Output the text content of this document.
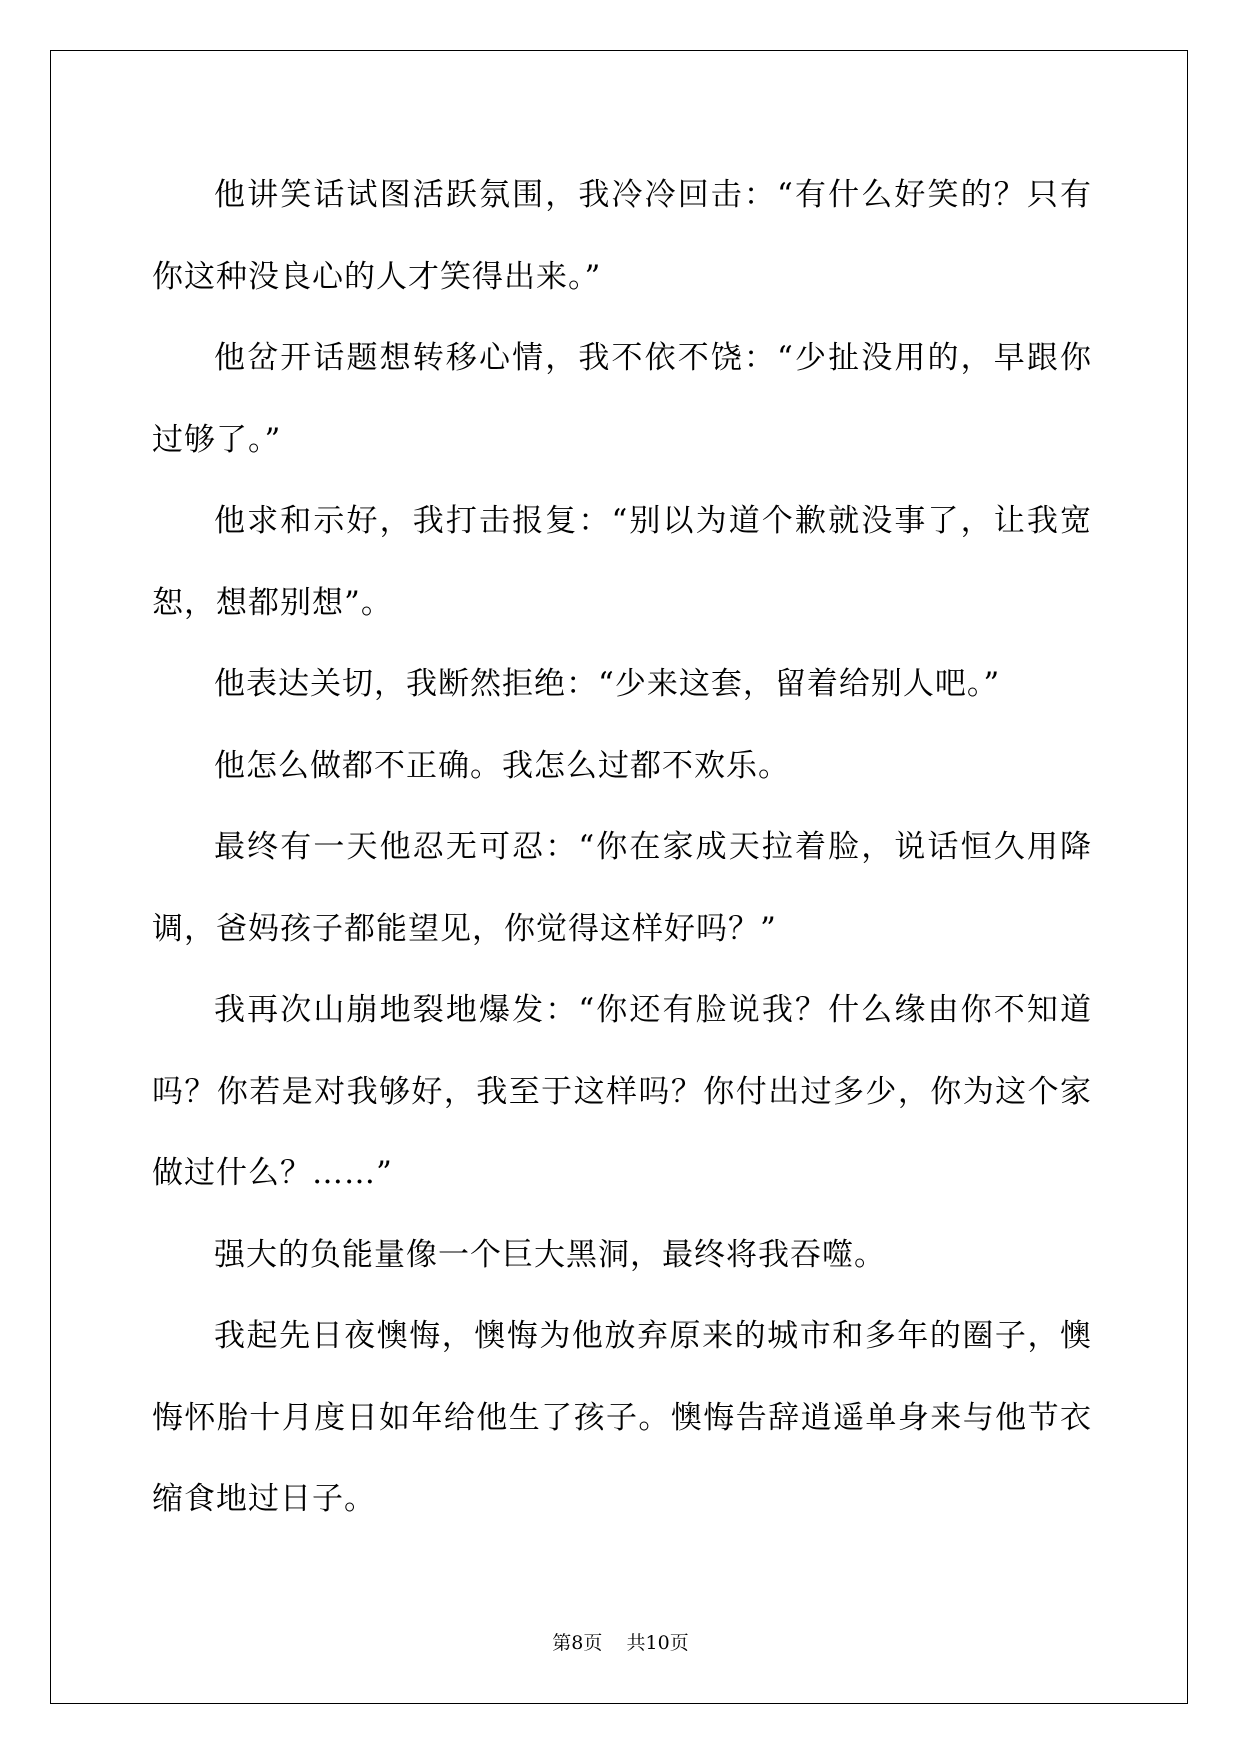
他讲笑话试图活跃氛围，我冷冷回击：“有什么好笑的？只有你这种没良心的人才笑得出来。”

他岔开话题想转移心情，我不依不饶：“少扯没用的，早跟你过够了。”

他求和示好，我打击报复：“别以为道个歉就没事了，让我宽恕，想都别想”。

他表达关切，我断然拒绝：“少来这套，留着给别人吧。”

他怎么做都不正确。我怎么过都不欢乐。

最终有一天他忍无可忍：“你在家成天拉着脸，说话恒久用降调，爸妈孩子都能望见，你觉得这样好吗？”

我再次山崩地裂地爆发：“你还有脸说我？什么缘由你不知道吗？你若是对我够好，我至于这样吗？你付出过多少，你为这个家做过什么？……”

强大的负能量像一个巨大黑洞，最终将我吞噬。

我起先日夜懊悔，懊悔为他放弃原来的城市和多年的圈子，懊悔怀胎十月度日如年给他生了孩子。懊悔告辞逍遥单身来与他节衣缩食地过日子。

第8页 共10页
